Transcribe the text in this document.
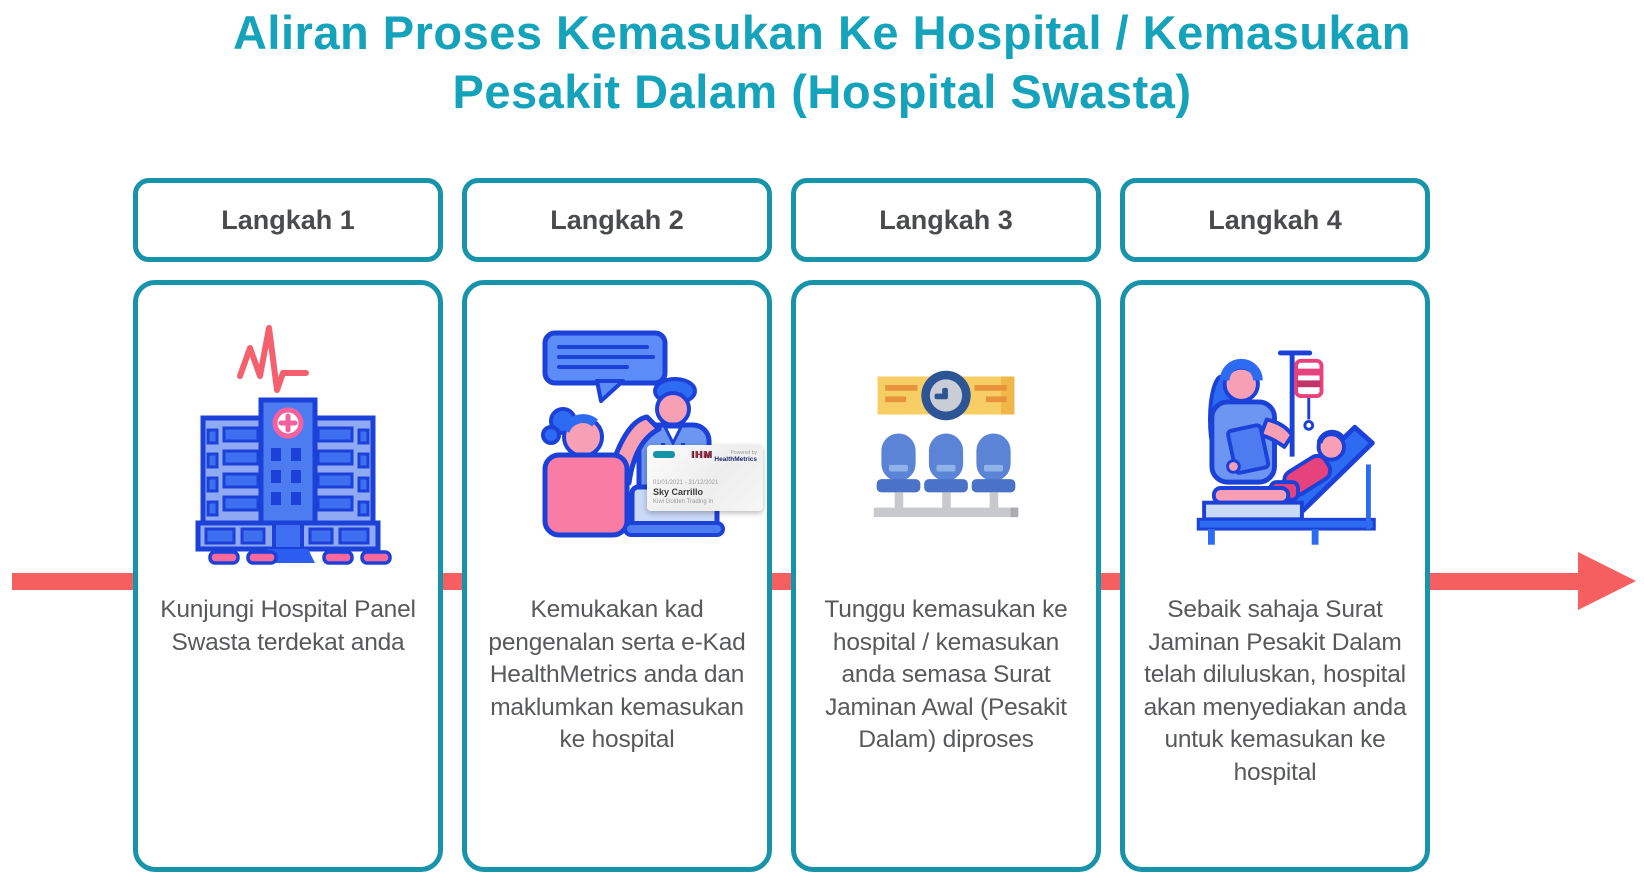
Aliran Proses Kemasukan Ke Hospital / Kemasukan
Pesakit Dalam (Hospital Swasta)
Langkah 1
Kunjungi Hospital Panel Swasta terdekat anda
Langkah 2
IHM	Powered by
HealthMetrics
01/01/2021 - 31/12/2021
Sky Carrillo
Kiwi Golden Trading In
Kemukakan kad pengenalan serta e-Kad HealthMetrics anda dan maklumkan kemasukan ke hospital
Langkah 3
Tunggu kemasukan ke hospital / kemasukan anda semasa Surat Jaminan Awal (Pesakit Dalam) diproses
Langkah 4
Sebaik sahaja Surat Jaminan Pesakit Dalam telah diluluskan, hospital akan menyediakan anda untuk kemasukan ke hospital
